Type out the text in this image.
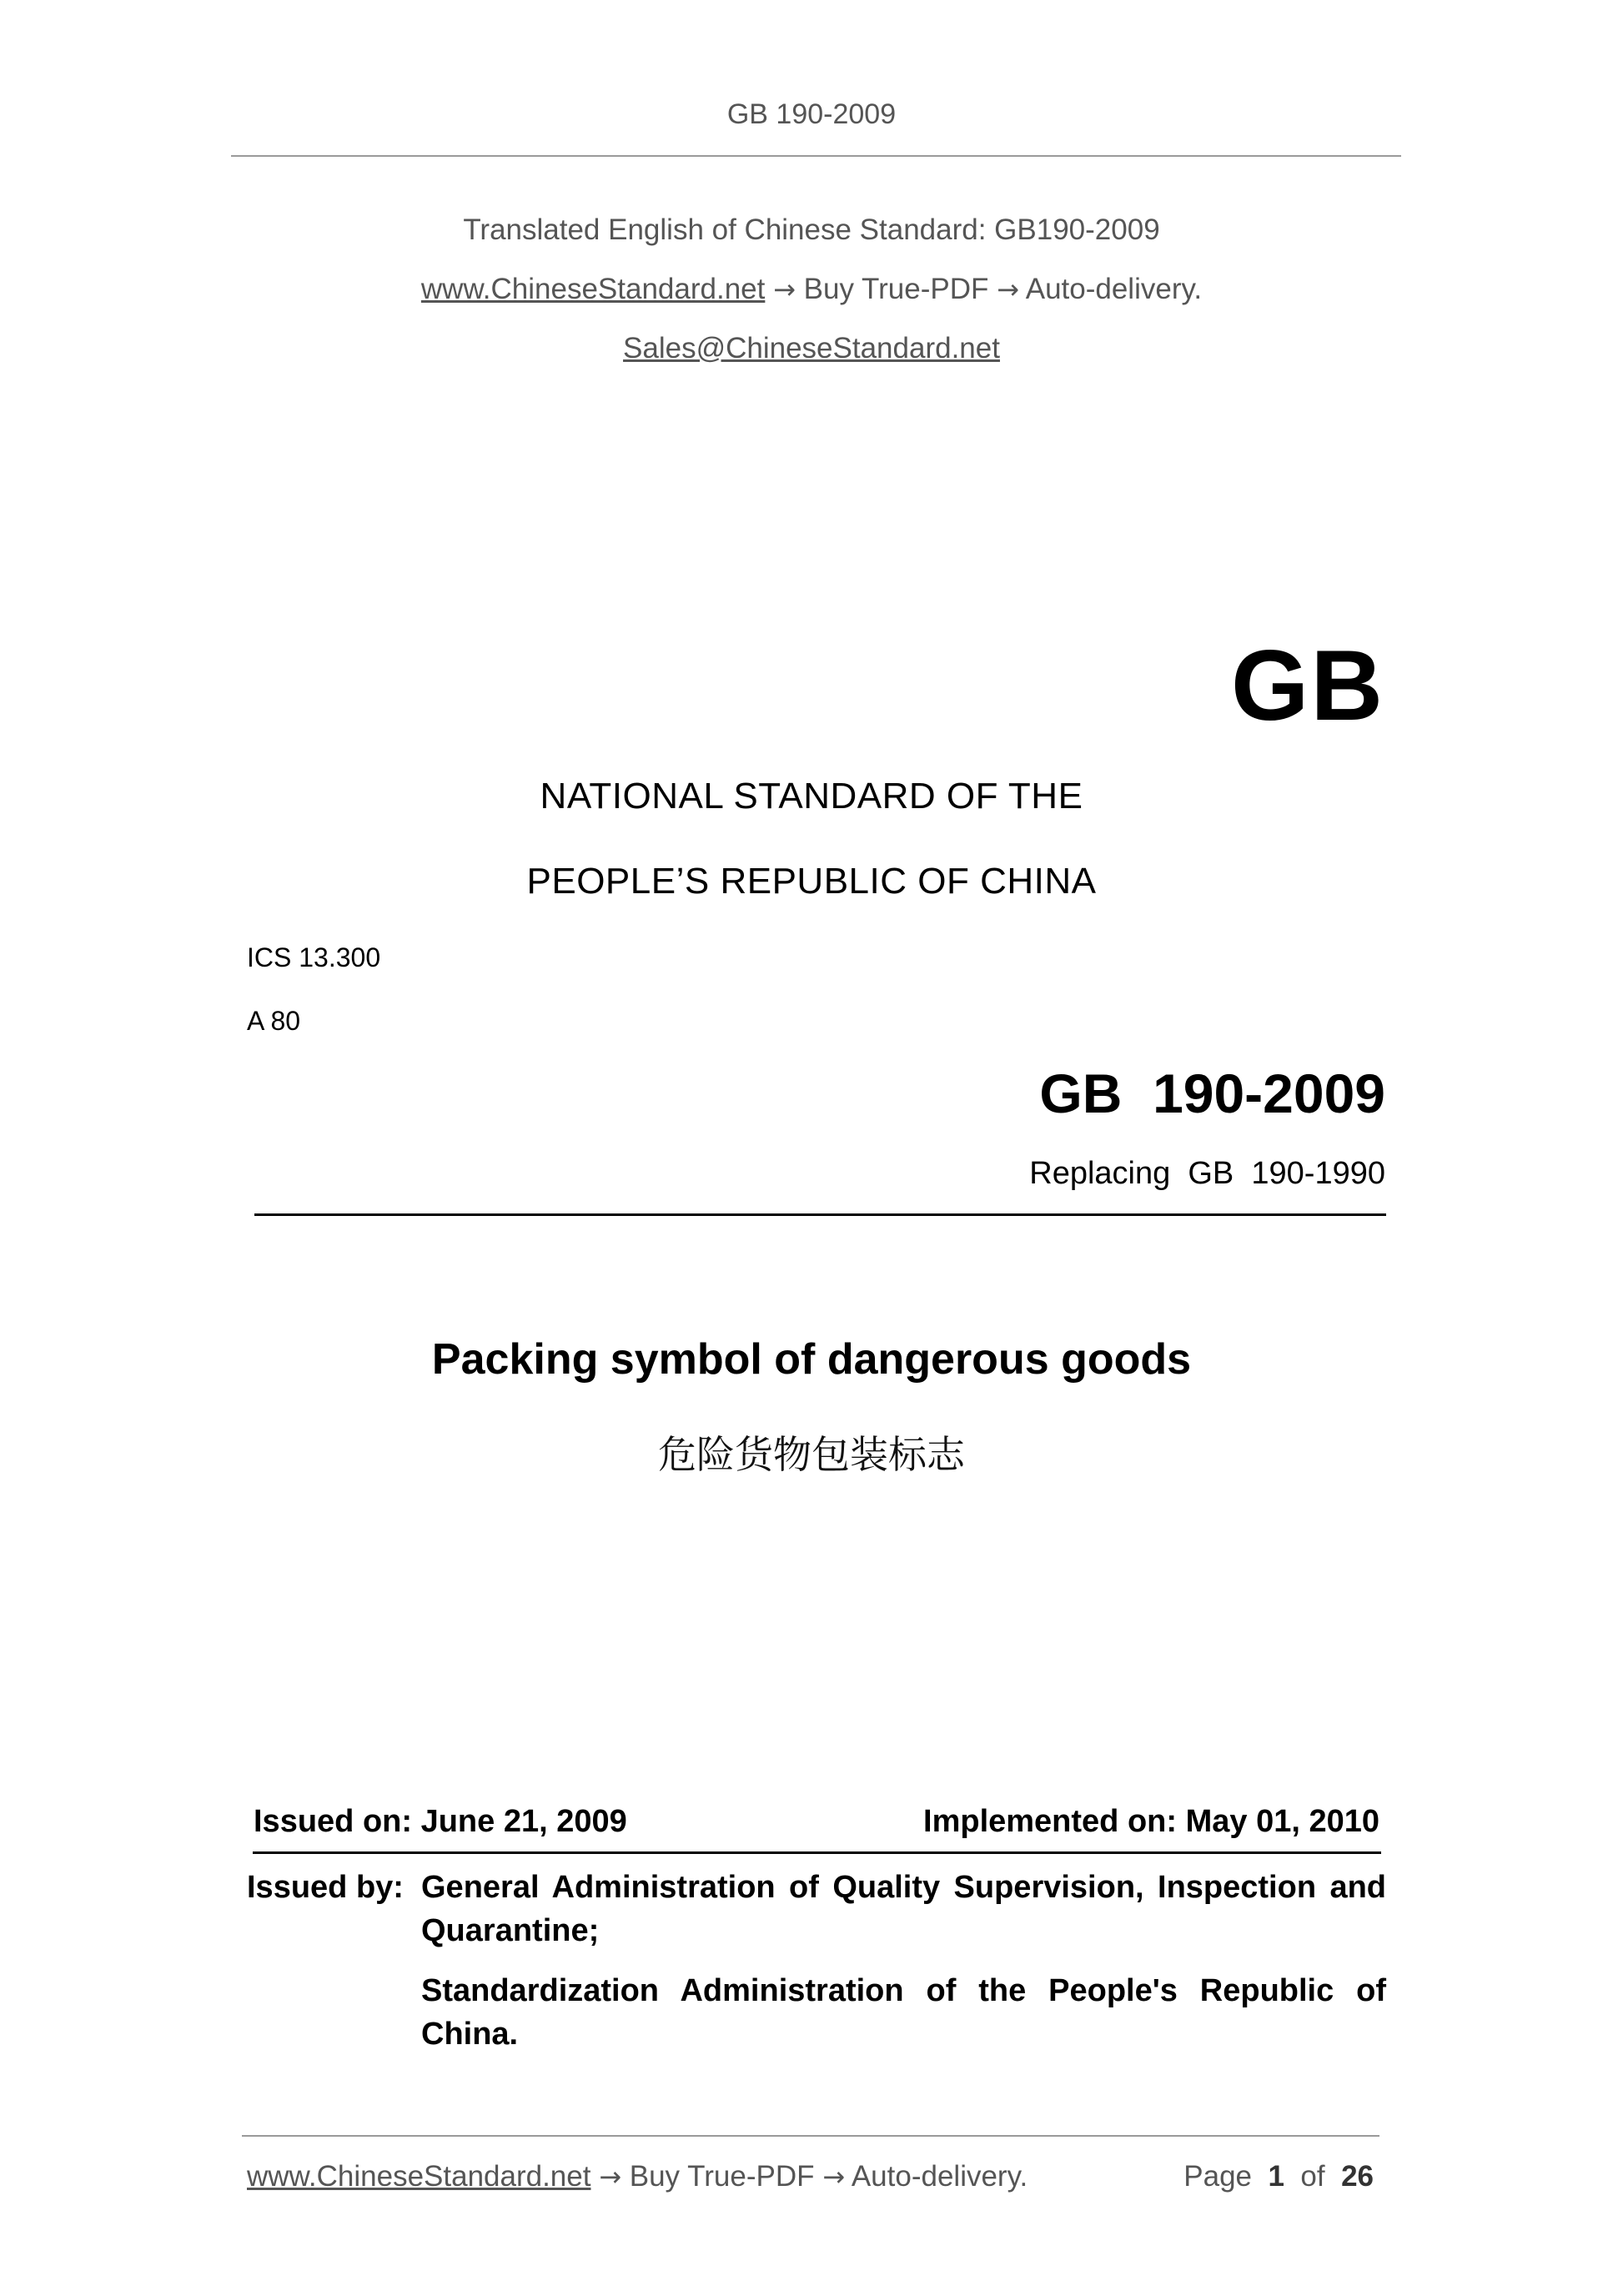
GB 190-2009
Translated English of Chinese Standard: GB190-2009
www.ChineseStandard.net → Buy True-PDF → Auto-delivery.
Sales@ChineseStandard.net
GB
NATIONAL STANDARD OF THE
PEOPLE’S REPUBLIC OF CHINA
ICS 13.300
A 80
GB  190-2009
Replacing  GB  190-1990
Packing symbol of dangerous goods
危险货物包装标志
Issued on: June 21, 2009	Implemented on: May 01, 2010
Issued by: General Administration of Quality Supervision, Inspection and
Quarantine;
Standardization Administration of the People's Republic of
China.
www.ChineseStandard.net → Buy True-PDF → Auto-delivery.	Page 1 of 26
